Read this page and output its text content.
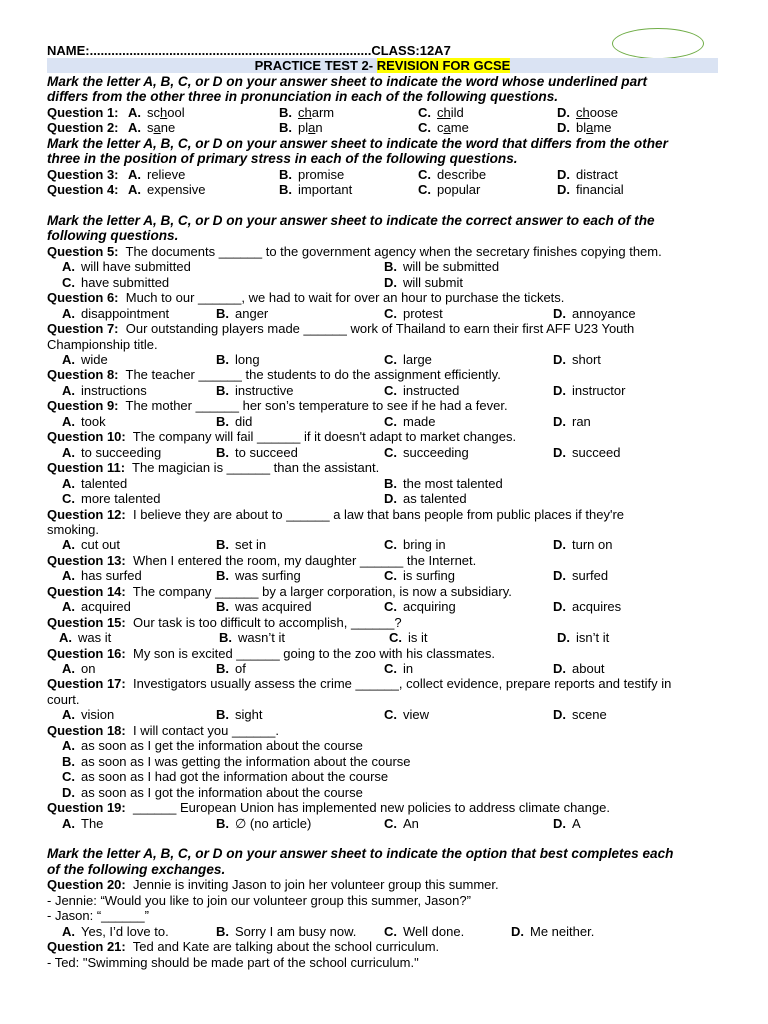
NAME:..............................................................................CLASS:12A7
PRACTICE TEST 2- REVISION FOR GCSE
Mark the letter A, B, C, or D on your answer sheet to indicate the word whose underlined part
differs from the other three in pronunciation in each of the following questions.
Question 1: A. school	B. charm	C. child	D. choose
Question 2: A. sane	B. plan	C. came	D. blame
Mark the letter A, B, C, or D on your answer sheet to indicate the word that differs from the other
three in the position of primary stress in each of the following questions.
Question 3: A. relieve	B. promise	C. describe	D. distract
Question 4: A. expensive	B. important	C. popular	D. financial
Mark the letter A, B, C, or D on your answer sheet to indicate the correct answer to each of the
following questions.
Question 5: The documents ______ to the government agency when the secretary finishes copying them.
A. will have submitted	B. will be submitted
C. have submitted	D. will submit
Question 6: Much to our ______, we had to wait for over an hour to purchase the tickets.
A. disappointment	B. anger	C. protest	D. annoyance
Question 7: Our outstanding players made ______ work of Thailand to earn their first AFF U23 Youth
Championship title.
A. wide	B. long	C. large	D. short
Question 8: The teacher ______ the students to do the assignment efficiently.
A. instructions	B. instructive	C. instructed	D. instructor
Question 9: The mother ______ her son’s temperature to see if he had a fever.
A. took	B. did	C. made	D. ran
Question 10: The company will fail ______ if it doesn't adapt to market changes.
A. to succeeding	B. to succeed	C. succeeding	D. succeed
Question 11: The magician is ______ than the assistant.
A. talented	B. the most talented
C. more talented	D. as talented
Question 12: I believe they are about to ______ a law that bans people from public places if they're
smoking.
A. cut out	B. set in	C. bring in	D. turn on
Question 13: When I entered the room, my daughter ______ the Internet.
A. has surfed	B. was surfing	C. is surfing	D. surfed
Question 14: The company ______ by a larger corporation, is now a subsidiary.
A. acquired	B. was acquired	C. acquiring	D. acquires
Question 15: Our task is too difficult to accomplish, ______?
A. was it	B. wasn’t it	C. is it	D. isn’t it
Question 16: My son is excited ______ going to the zoo with his classmates.
A. on	B. of	C. in	D. about
Question 17: Investigators usually assess the crime ______, collect evidence, prepare reports and testify in
court.
A. vision	B. sight	C. view	D. scene
Question 18: I will contact you ______.
A. as soon as I get the information about the course
B. as soon as I was getting the information about the course
C. as soon as I had got the information about the course
D. as soon as I got the information about the course
Question 19: ______ European Union has implemented new policies to address climate change.
A. The	B. ∅ (no article)	C. An	D. A
Mark the letter A, B, C, or D on your answer sheet to indicate the option that best completes each
of the following exchanges.
Question 20: Jennie is inviting Jason to join her volunteer group this summer.
- Jennie: “Would you like to join our volunteer group this summer, Jason?”
- Jason: “______”
A. Yes, I’d love to.	B. Sorry I am busy now. C. Well done.	D. Me neither.
Question 21: Ted and Kate are talking about the school curriculum.
- Ted: "Swimming should be made part of the school curriculum."
